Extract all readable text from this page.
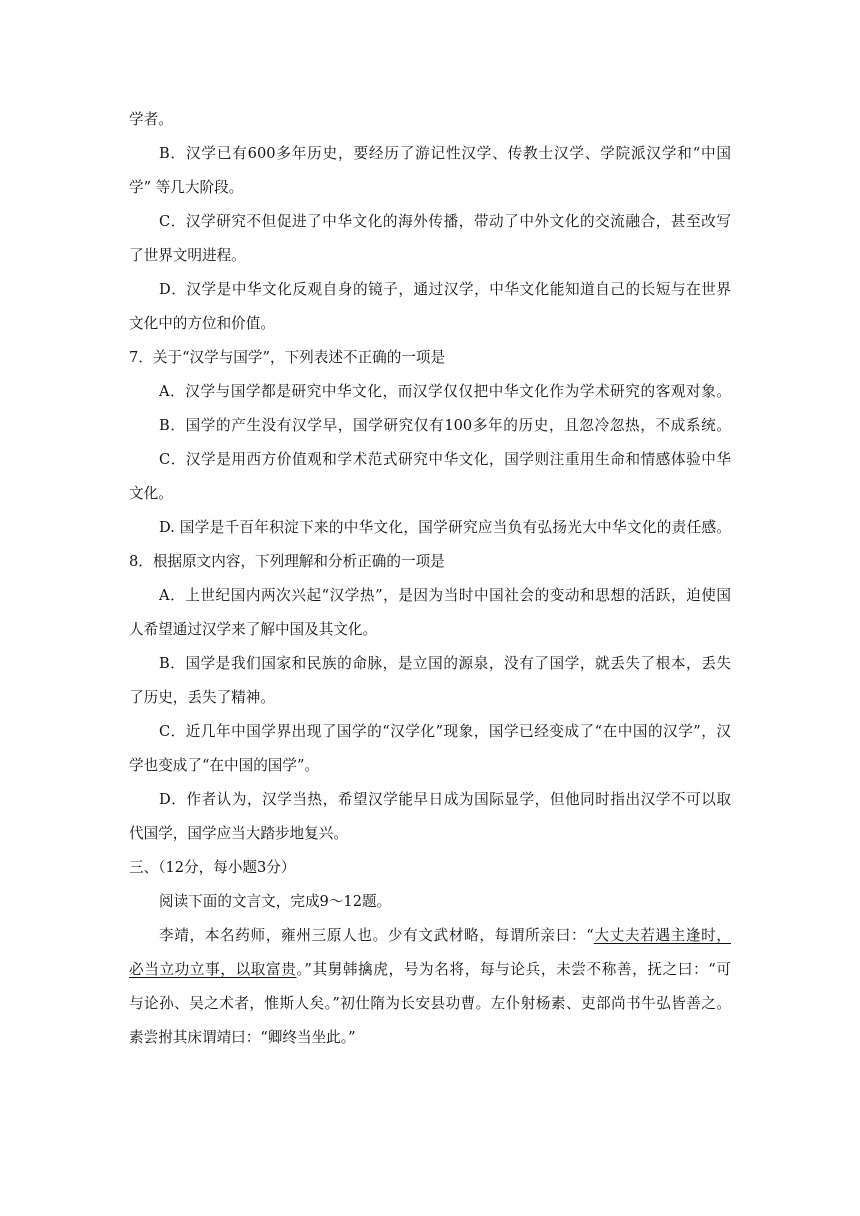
学者。
B．汉学已有600多年历史，要经历了游记性汉学、传教士汉学、学院派汉学和“中国
学” 等几大阶段。
C．汉学研究不但促进了中华文化的海外传播，带动了中外文化的交流融合，甚至改写
了世界文明进程。
D．汉学是中华文化反观自身的镜子，通过汉学，中华文化能知道自己的长短与在世界
文化中的方位和价值。
7．关于“汉学与国学”，下列表述不正确的一项是
A．汉学与国学都是研究中华文化，而汉学仅仅把中华文化作为学术研究的客观对象。
B．国学的产生没有汉学早，国学研究仅有100多年的历史，且忽冷忽热，不成系统。
C．汉学是用西方价值观和学术范式研究中华文化，国学则注重用生命和情感体验中华
文化。
D. 国学是千百年积淀下来的中华文化，国学研究应当负有弘扬光大中华文化的责任感。
8．根据原文内容，下列理解和分析正确的一项是
A．上世纪国内两次兴起“汉学热”，是因为当时中国社会的变动和思想的活跃，迫使国
人希望通过汉学来了解中国及其文化。
B．国学是我们国家和民族的命脉，是立国的源泉，没有了国学，就丢失了根本，丢失
了历史，丢失了精神。
C．近几年中国学界出现了国学的“汉学化”现象，国学已经变成了“在中国的汉学”，汉
学也变成了“在中国的国学”。
D．作者认为，汉学当热，希望汉学能早日成为国际显学，但他同时指出汉学不可以取
代国学，国学应当大踏步地复兴。
三、（12分，每小题3分）
阅读下面的文言文，完成9～12题。
李靖，本名药师，雍州三原人也。少有文武材略，每谓所亲曰：“大丈夫若遇主逢时，
必当立功立事，以取富贵。”其舅韩擒虎，号为名将，每与论兵，未尝不称善，抚之曰：“可
与论孙、吴之术者，惟斯人矣。”初仕隋为长安县功曹。左仆射杨素、吏部尚书牛弘皆善之。
素尝拊其床谓靖曰：“卿终当坐此。”
